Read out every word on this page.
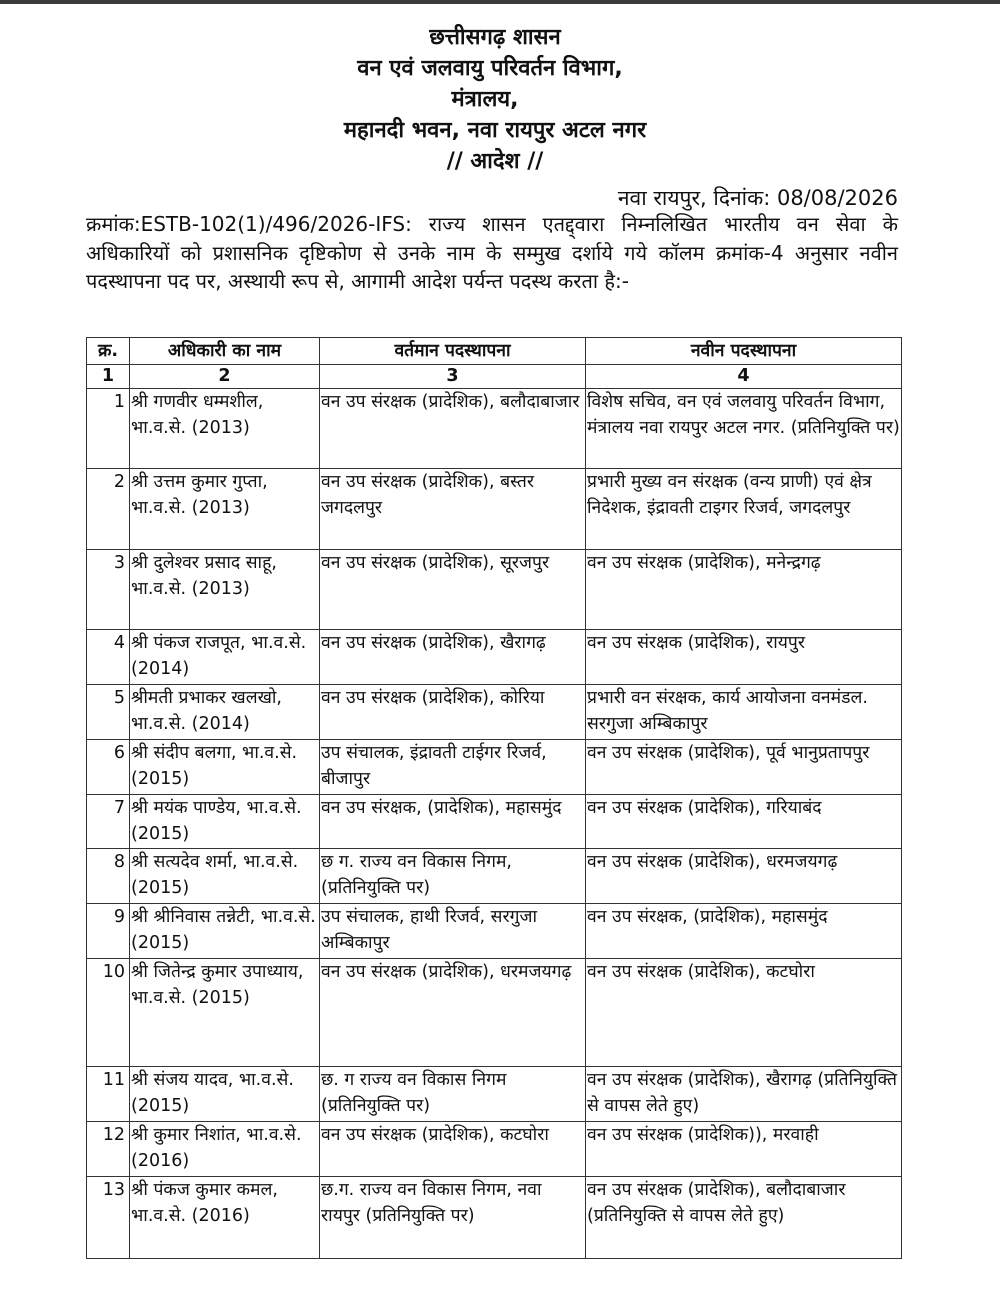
छत्तीसगढ़ शासन
वन एवं जलवायु परिवर्तन विभाग,
मंत्रालय,
महानदी भवन, नवा रायपुर अटल नगर
// आदेश //
नवा रायपुर, दिनांक: 08/08/2026
क्रमांक:ESTB-102(1)/496/2026-IFS: राज्य शासन एतद्द्वारा निम्नलिखित भारतीय वन सेवा के अधिकारियों को प्रशासनिक दृष्टिकोण से उनके नाम के सम्मुख दर्शाये गये कॉलम क्रमांक-4 अनुसार नवीन पदस्थापना पद पर, अस्थायी रूप से, आगामी आदेश पर्यन्त पदस्थ करता है:-
क्र.	अधिकारी का नाम	वर्तमान पदस्थापना	नवीन पदस्थापना
1	2	3	4
1	श्री गणवीर धम्मशील, भा.व.से. (2013)	वन उप संरक्षक (प्रादेशिक), बलौदाबाजार	विशेष सचिव, वन एवं जलवायु परिवर्तन विभाग, मंत्रालय नवा रायपुर अटल नगर. (प्रतिनियुक्ति पर)
2	श्री उत्तम कुमार गुप्ता, भा.व.से. (2013)	वन उप संरक्षक (प्रादेशिक), बस्तर जगदलपुर	प्रभारी मुख्य वन संरक्षक (वन्य प्राणी) एवं क्षेत्र निदेशक, इंद्रावती टाइगर रिजर्व, जगदलपुर
3	श्री दुलेश्वर प्रसाद साहू, भा.व.से. (2013)	वन उप संरक्षक (प्रादेशिक), सूरजपुर	वन उप संरक्षक (प्रादेशिक), मनेन्द्रगढ़
4	श्री पंकज राजपूत, भा.व.से. (2014)	वन उप संरक्षक (प्रादेशिक), खैरागढ़	वन उप संरक्षक (प्रादेशिक), रायपुर
5	श्रीमती प्रभाकर खलखो, भा.व.से. (2014)	वन उप संरक्षक (प्रादेशिक), कोरिया	प्रभारी वन संरक्षक, कार्य आयोजना वनमंडल. सरगुजा अम्बिकापुर
6	श्री संदीप बलगा, भा.व.से. (2015)	उप संचालक, इंद्रावती टाईगर रिजर्व, बीजापुर	वन उप संरक्षक (प्रादेशिक), पूर्व भानुप्रतापपुर
7	श्री मयंक पाण्डेय, भा.व.से. (2015)	वन उप संरक्षक, (प्रादेशिक), महासमुंद	वन उप संरक्षक (प्रादेशिक), गरियाबंद
8	श्री सत्यदेव शर्मा, भा.व.से. (2015)	छ ग. राज्य वन विकास निगम, (प्रतिनियुक्ति पर)	वन उप संरक्षक (प्रादेशिक), धरमजयगढ़
9	श्री श्रीनिवास तन्नेटी, भा.व.से. (2015)	उप संचालक, हाथी रिजर्व, सरगुजा अम्बिकापुर	वन उप संरक्षक, (प्रादेशिक), महासमुंद
10	श्री जितेन्द्र कुमार उपाध्याय, भा.व.से. (2015)	वन उप संरक्षक (प्रादेशिक), धरमजयगढ़	वन उप संरक्षक (प्रादेशिक), कटघोरा
11	श्री संजय यादव, भा.व.से. (2015)	छ. ग राज्य वन विकास निगम (प्रतिनियुक्ति पर)	वन उप संरक्षक (प्रादेशिक), खैरागढ़ (प्रतिनियुक्ति से वापस लेते हुए)
12	श्री कुमार निशांत, भा.व.से. (2016)	वन उप संरक्षक (प्रादेशिक), कटघोरा	वन उप संरक्षक (प्रादेशिक)), मरवाही
13	श्री पंकज कुमार कमल, भा.व.से. (2016)	छ.ग. राज्य वन विकास निगम, नवा रायपुर (प्रतिनियुक्ति पर)	वन उप संरक्षक (प्रादेशिक), बलौदाबाजार (प्रतिनियुक्ति से वापस लेते हुए)
